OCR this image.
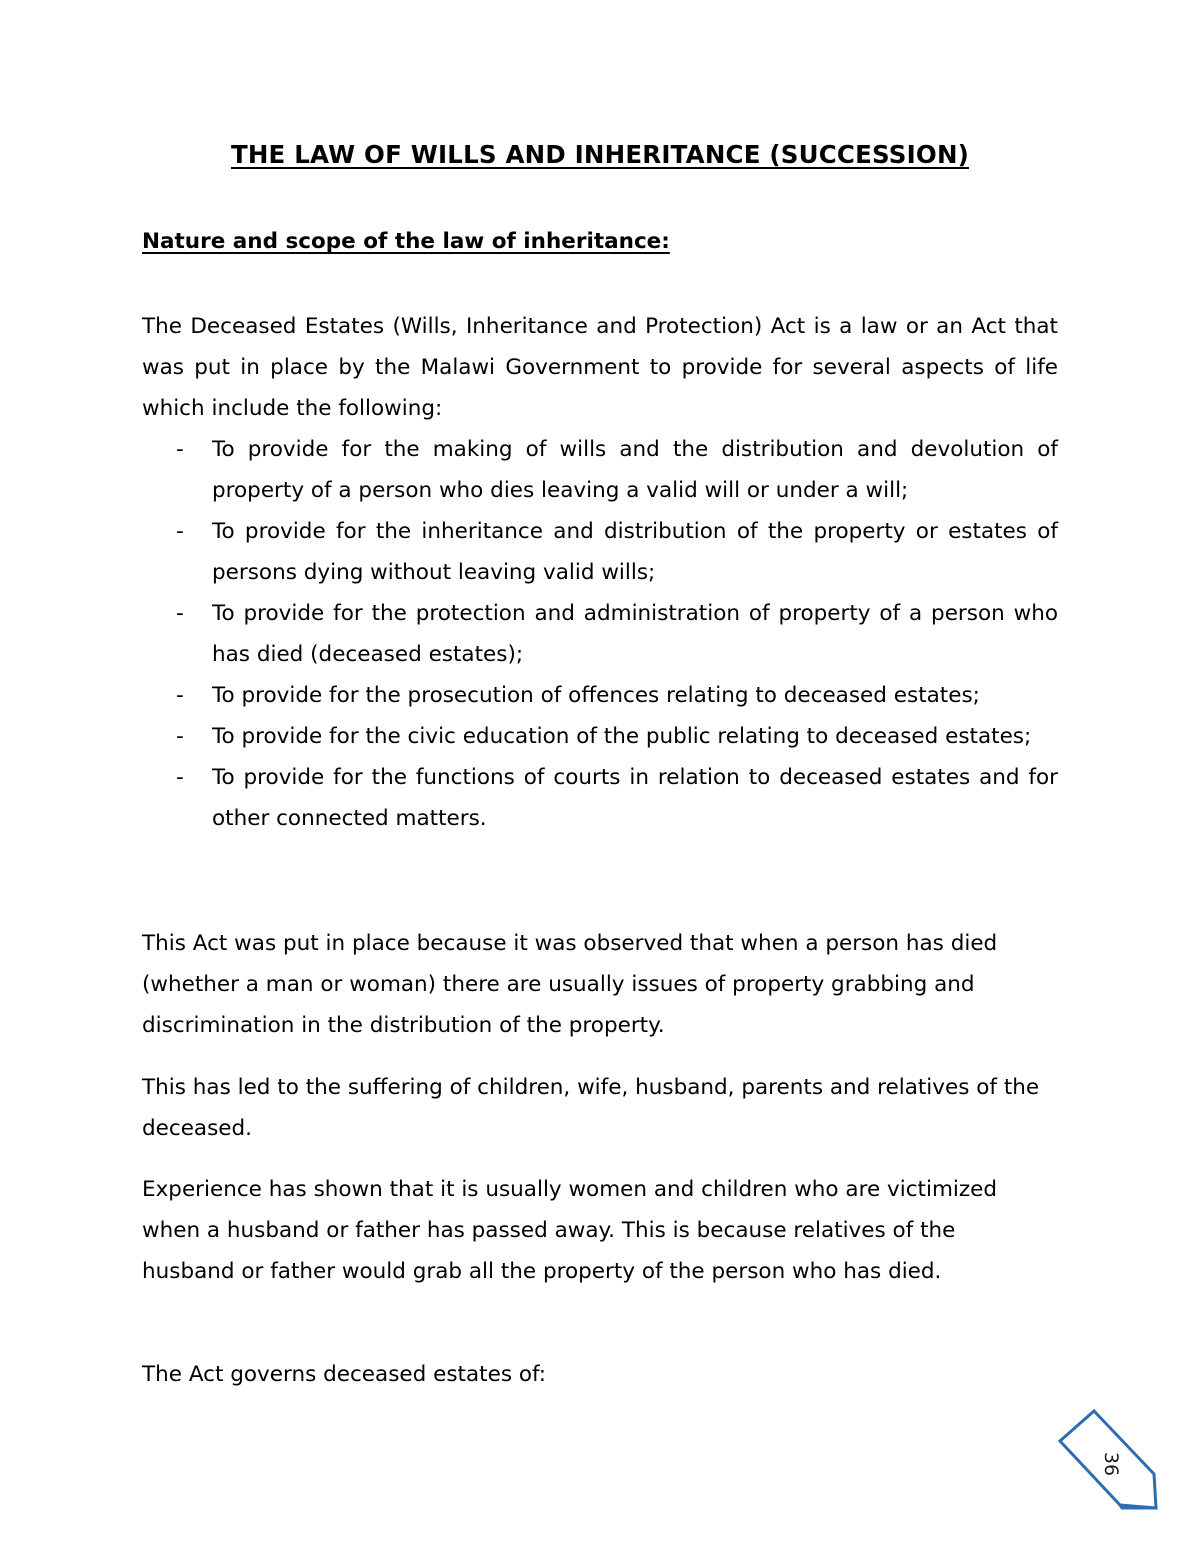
THE LAW OF WILLS AND INHERITANCE (SUCCESSION)
Nature and scope of the law of inheritance:

The Deceased Estates (Wills, Inheritance and Protection) Act is a law or an Act that was put in place by the Malawi Government to provide for several aspects of life which include the following:

- To provide for the making of wills and the distribution and devolution of property of a person who dies leaving a valid will or under a will;
- To provide for the inheritance and distribution of the property or estates of persons dying without leaving valid wills;
- To provide for the protection and administration of property of a person who has died (deceased estates);
- To provide for the prosecution of offences relating to deceased estates;
- To provide for the civic education of the public relating to deceased estates;
- To provide for the functions of courts in relation to deceased estates and for other connected matters.

This Act was put in place because it was observed that when a person has died (whether a man or woman) there are usually issues of property grabbing and discrimination in the distribution of the property.

This has led to the suffering of children, wife, husband, parents and relatives of the deceased.

Experience has shown that it is usually women and children who are victimized when a husband or father has passed away. This is because relatives of the husband or father would grab all the property of the person who has died.

The Act governs deceased estates of:

36
